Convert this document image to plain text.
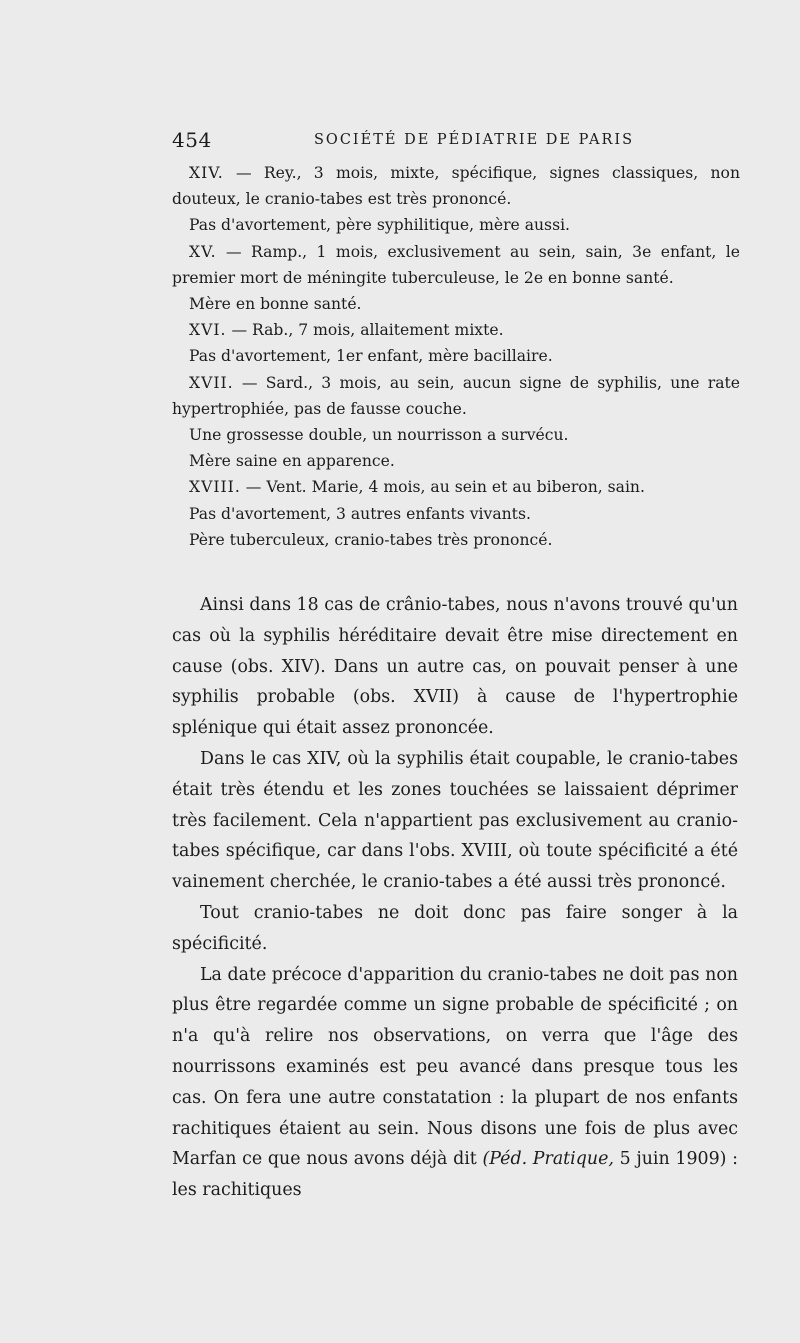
454	SOCIÉTÉ DE PÉDIATRIE DE PARIS

XIV. — Rey., 3 mois, mixte, spécifique, signes classiques, non douteux, le cranio-tabes est très prononcé.

Pas d'avortement, père syphilitique, mère aussi.

XV. — Ramp., 1 mois, exclusivement au sein, sain, 3e enfant, le premier mort de méningite tuberculeuse, le 2e en bonne santé.

Mère en bonne santé.

XVI. — Rab., 7 mois, allaitement mixte.

Pas d'avortement, 1er enfant, mère bacillaire.

XVII. — Sard., 3 mois, au sein, aucun signe de syphilis, une rate hypertrophiée, pas de fausse couche.

Une grossesse double, un nourrisson a survécu.

Mère saine en apparence.

XVIII. — Vent. Marie, 4 mois, au sein et au biberon, sain.

Pas d'avortement, 3 autres enfants vivants.

Père tuberculeux, cranio-tabes très prononcé.

Ainsi dans 18 cas de crânio-tabes, nous n'avons trouvé qu'un cas où la syphilis héréditaire devait être mise directement en cause (obs. XIV). Dans un autre cas, on pouvait penser à une syphilis probable (obs. XVII) à cause de l'hypertrophie splénique qui était assez prononcée.

Dans le cas XIV, où la syphilis était coupable, le cranio-tabes était très étendu et les zones touchées se laissaient déprimer très facilement. Cela n'appartient pas exclusivement au cranio-tabes spécifique, car dans l'obs. XVIII, où toute spécificité a été vainement cherchée, le cranio-tabes a été aussi très prononcé.

Tout cranio-tabes ne doit donc pas faire songer à la spécificité.

La date précoce d'apparition du cranio-tabes ne doit pas non plus être regardée comme un signe probable de spécificité ; on n'a qu'à relire nos observations, on verra que l'âge des nourrissons examinés est peu avancé dans presque tous les cas. On fera une autre constatation : la plupart de nos enfants rachitiques étaient au sein. Nous disons une fois de plus avec Marfan ce que nous avons déjà dit (Péd. Pratique, 5 juin 1909) : les rachitiques
